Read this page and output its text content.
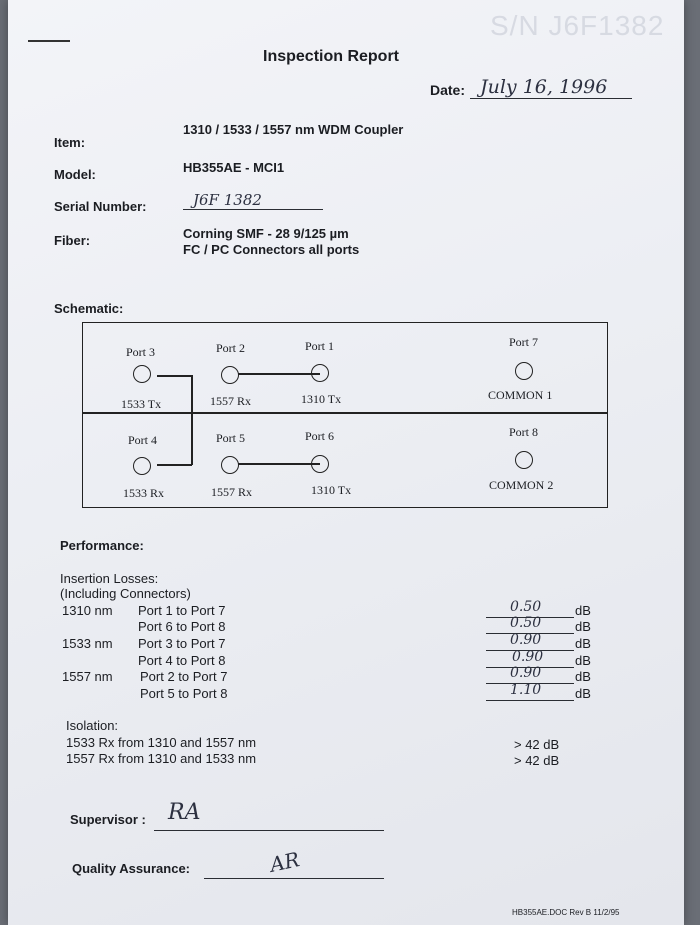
S/N J6F1382
Inspection Report
Date: July 16, 1996
Item:
1310 / 1533 / 1557 nm WDM Coupler
Model:	HB355AE - MCI1
Serial Number:	J6F 1382
Fiber:	Corning SMF - 28 9/125 µm
FC / PC Connectors all ports
Schematic:
Port 3
1533 Tx
Port 2
1557 Rx
Port 1
1310 Tx
Port 7
COMMON 1
Port 4
1533 Rx
Port 5
1557 Rx
Port 6
1310 Tx
Port 8
COMMON 2
Performance:
Insertion Losses:
(Including Connectors)
1310 nm Port 1 to Port 7	0.50	dB
Port 6 to Port 8	0.50	dB
1533 nm Port 3 to Port 7	0.90	dB
Port 4 to Port 8	0.90 dB
1557 nm Port 2 to Port 7	0.90	dB
Port 5 to Port 8	1.10	dB
Isolation:
1533 Rx from 1310 and 1557 nm	> 42 dB
1557 Rx from 1310 and 1533 nm	> 42 dB
Supervisor : RA
Quality Assurance:	AR
HB355AE.DOC Rev B 11/2/95
